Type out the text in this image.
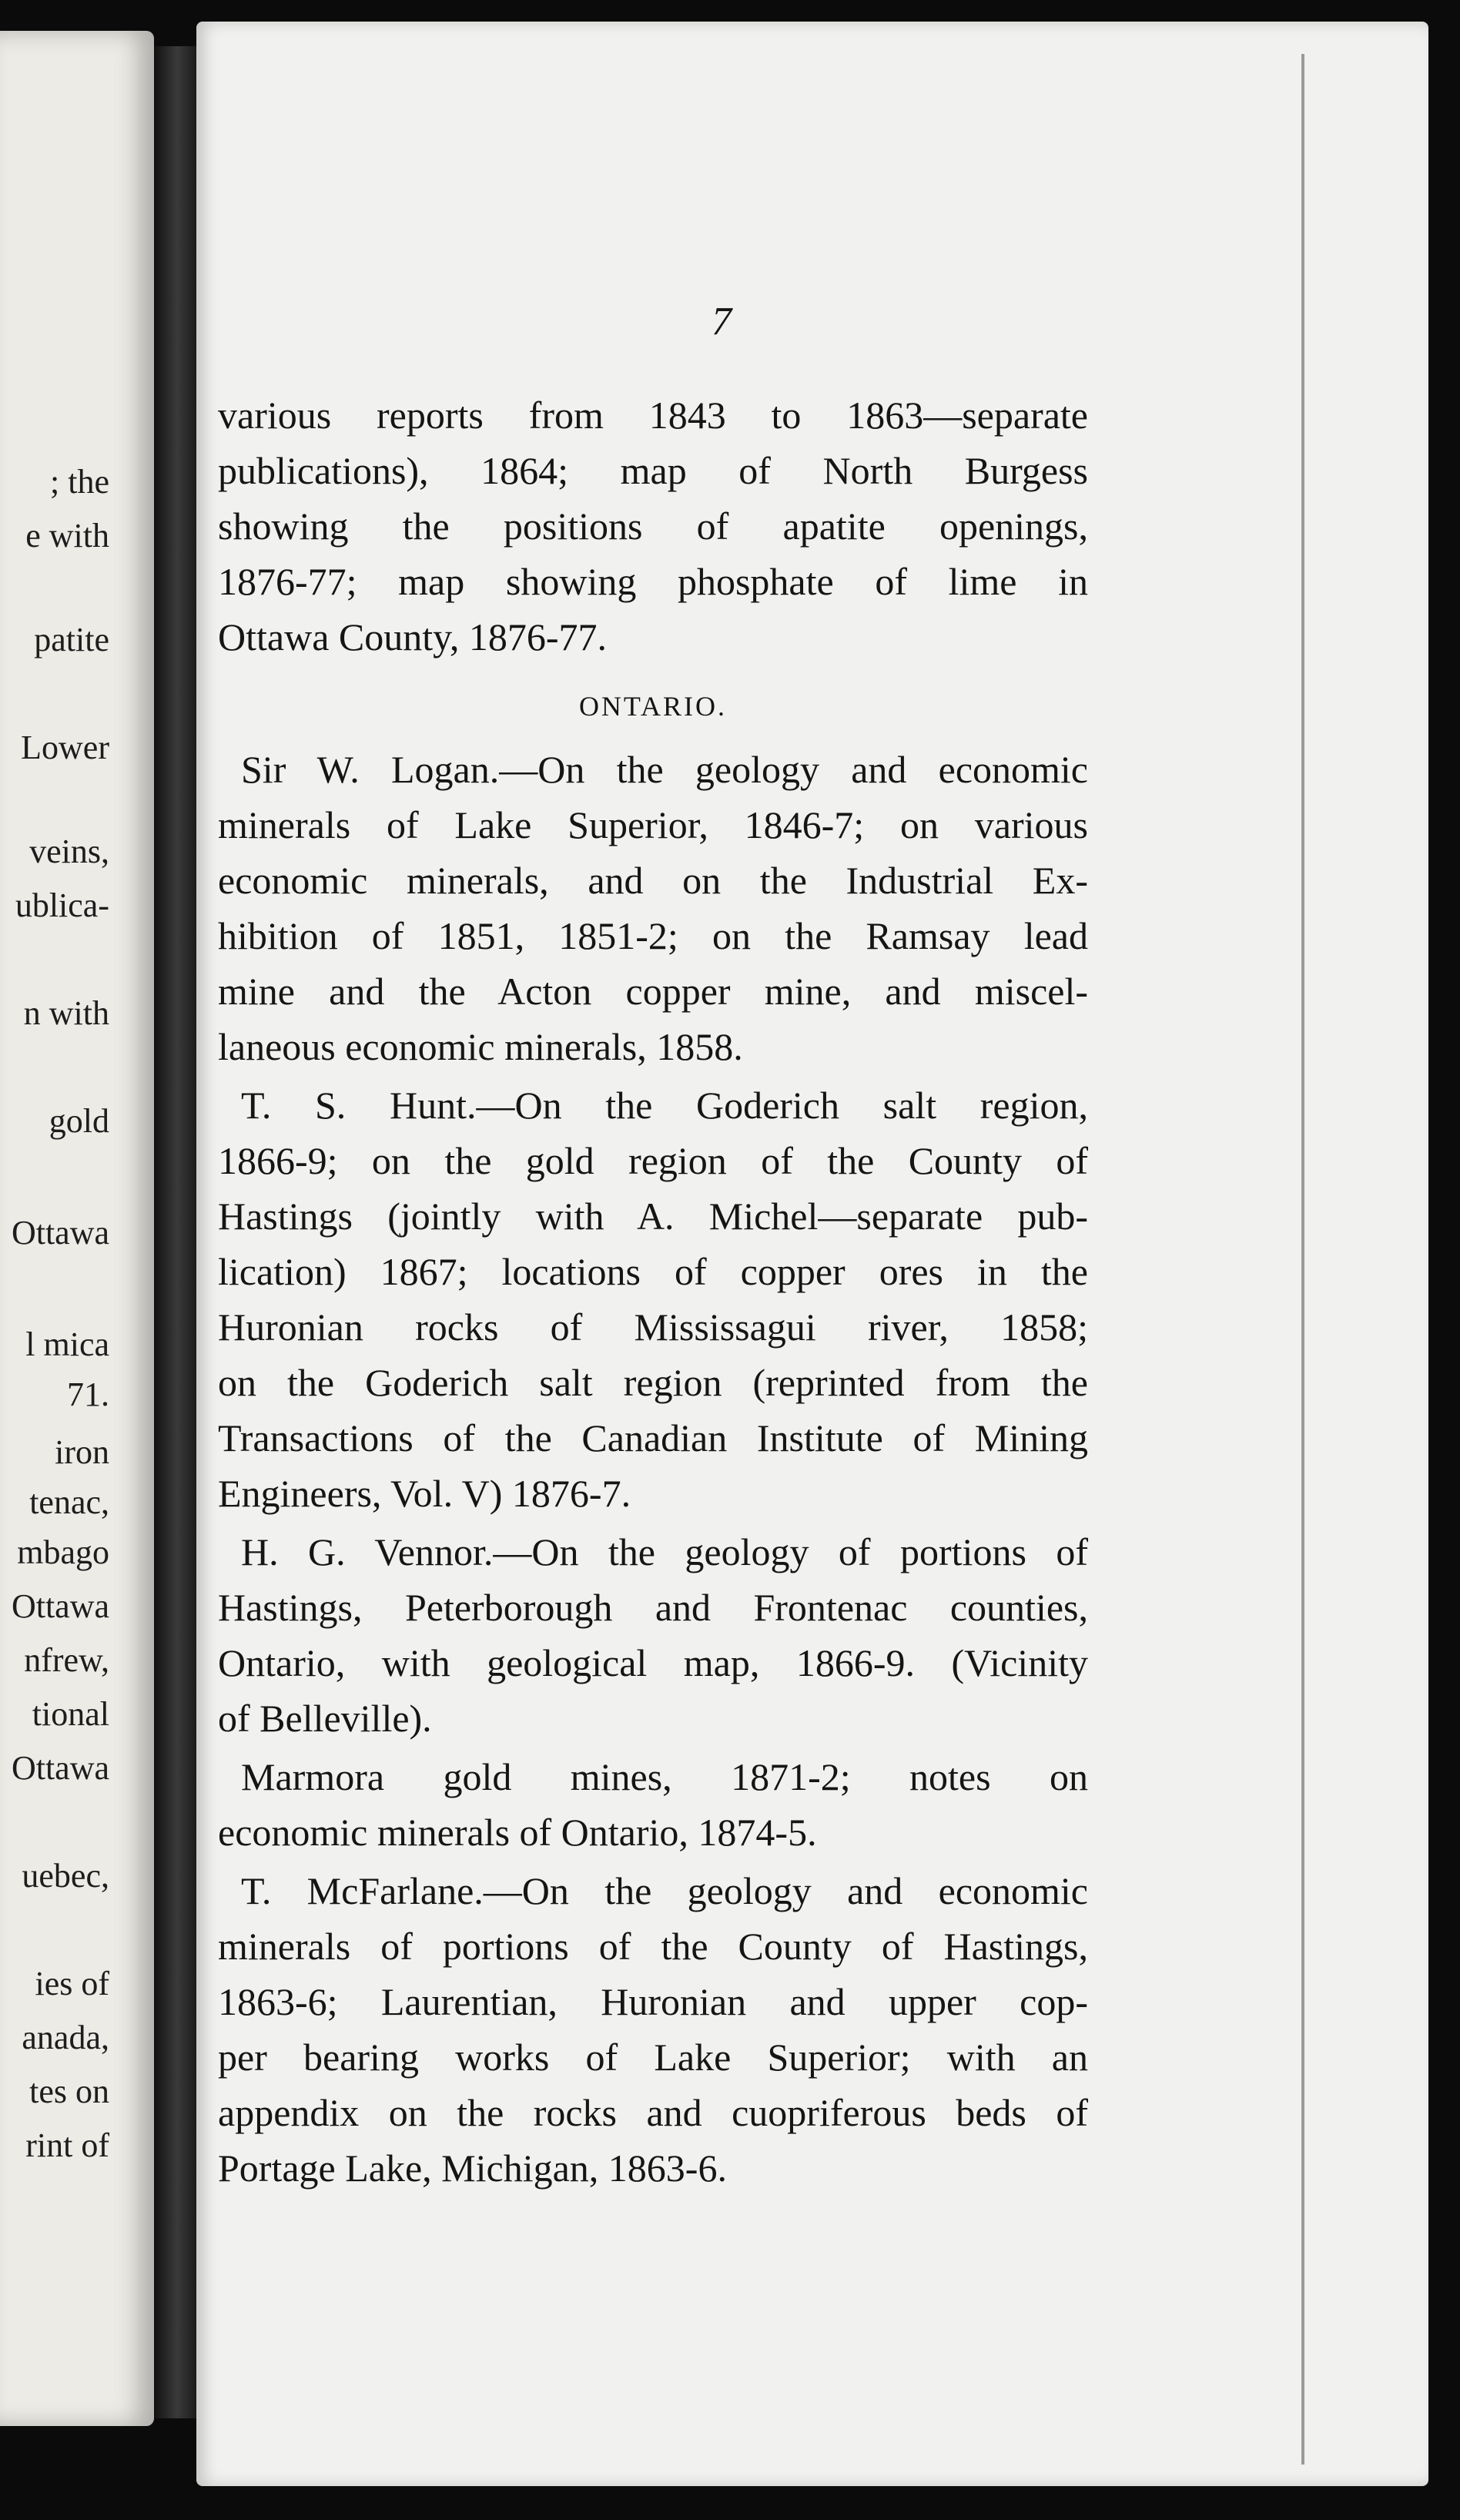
; the
e with
patite
Lower
veins,
ublica-
n with
gold
Ottawa
l mica
71.
iron
tenac,
mbago
Ottawa
nfrew,
tional
Ottawa
uebec,
ies of
anada,
tes on
rint of
7

various reports from 1843 to 1863—separate
publications), 1864; map of North Burgess
showing the positions of apatite openings,
1876-77; map showing phosphate of lime in
Ottawa County, 1876-77.

ONTARIO.

Sir W. Logan.—On the geology and economic
minerals of Lake Superior, 1846-7; on various
economic minerals, and on the Industrial Ex-
hibition of 1851, 1851-2; on the Ramsay lead
mine and the Acton copper mine, and miscel-
laneous economic minerals, 1858.

T. S. Hunt.—On the Goderich salt region,
1866-9; on the gold region of the County of
Hastings (jointly with A. Michel—separate pub-
lication) 1867; locations of copper ores in the
Huronian rocks of Mississagui river, 1858;
on the Goderich salt region (reprinted from the
Transactions of the Canadian Institute of Mining
Engineers, Vol. V) 1876-7.

H. G. Vennor.—On the geology of portions of
Hastings, Peterborough and Frontenac counties,
Ontario, with geological map, 1866-9. (Vicinity
of Belleville).

Marmora gold mines, 1871-2; notes on
economic minerals of Ontario, 1874-5.

T. McFarlane.—On the geology and economic
minerals of portions of the County of Hastings,
1863-6; Laurentian, Huronian and upper cop-
per bearing works of Lake Superior; with an
appendix on the rocks and cuopriferous beds of
Portage Lake, Michigan, 1863-6.
